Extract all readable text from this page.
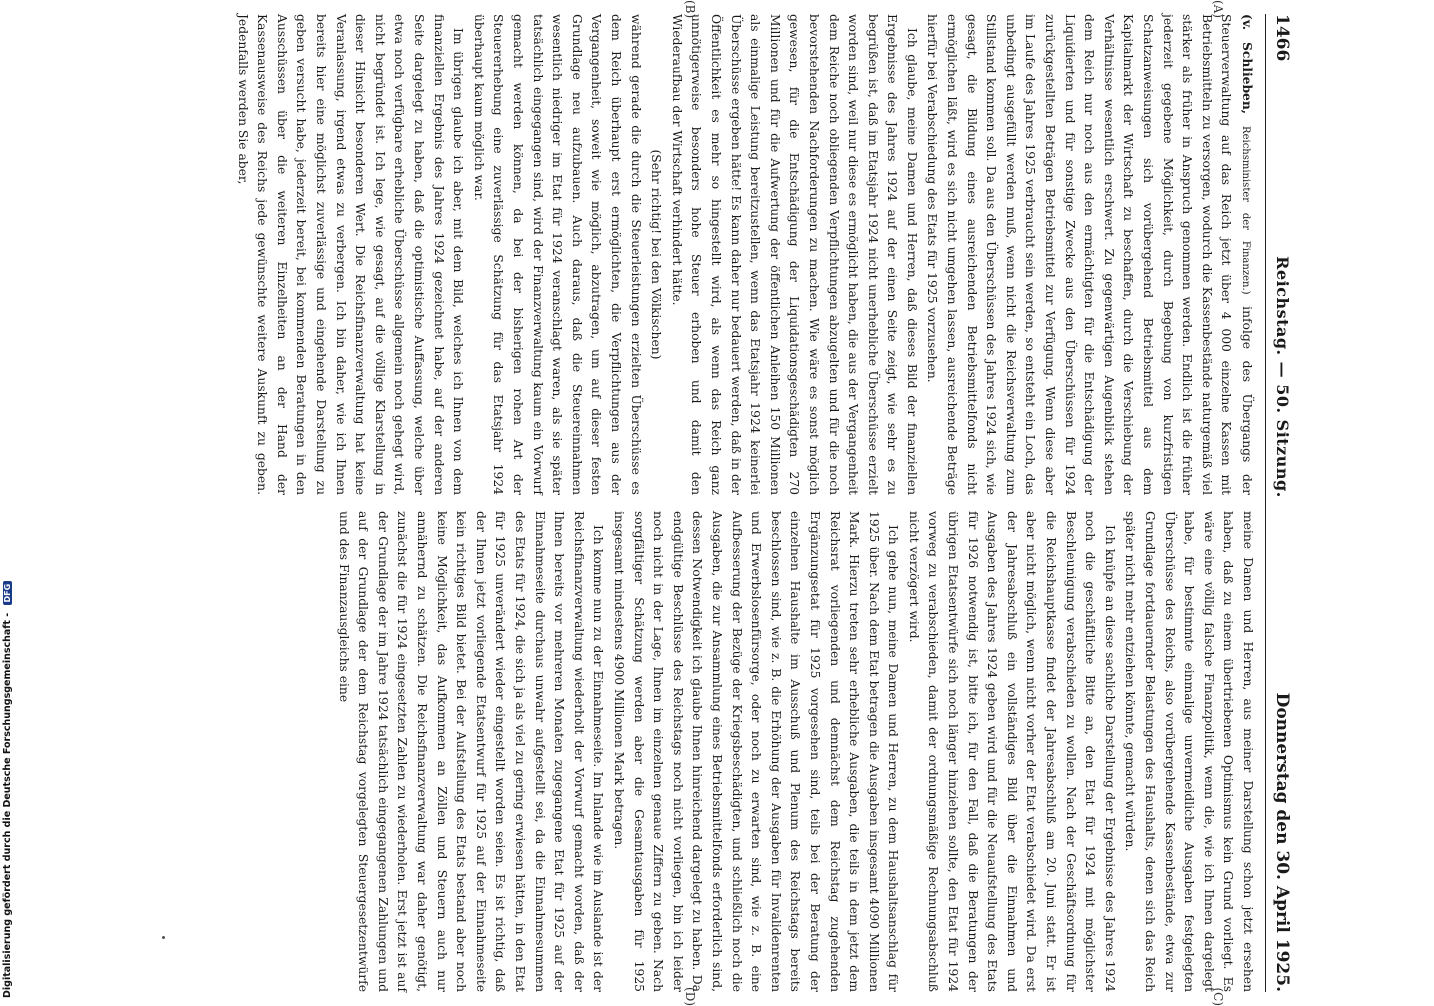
1466
Reichstag. — 50. Sitzung.
Donnerstag den 30. April 1925.

(v. Schlieben, Reichsminister der Finanzen.) infolge des Übergangs der Steuerverwaltung auf das Reich jetzt über 4 000 einzelne Kassen mit Betriebsmitteln zu versorgen, wodurch die Kassenbestände naturgemäß viel stärker als früher in Anspruch genommen werden. Endlich ist die früher jederzeit gegebene Möglichkeit, durch Begebung von kurzfristigen Schatzanweisungen sich vorübergehend Betriebsmittel aus dem Kapitalmarkt der Wirtschaft zu beschaffen, durch die Verschiebung der Verhältnisse wesentlich erschwert. Zu gegenwärtigen Augenblick stehen dem Reich nur noch aus den ermächtigten für die Entschädigung der Liquidierten und für sonstige Zwecke aus den Überschüssen für 1924 zurückgestellten Beträgen Betriebsmittel zur Verfügung. Wenn diese aber im Laufe des Jahres 1925 verbraucht sein werden, so entsteht ein Loch, das unbedingt ausgefüllt werden muß, wenn nicht die Reichsverwaltung zum Stillstand kommen soll. Da aus den Überschüssen des Jahres 1924 sich, wie gesagt, die Bildung eines ausreichenden Betriebsmittelfonds nicht ermöglichen läßt, wird es sich nicht umgehen lassen, ausreichende Beträge hierfür bei Verabschiedung des Etats für 1925 vorzusehen.

Ich glaube, meine Damen und Herren, daß dieses Bild der finanziellen Ergebnisse des Jahres 1924 auf der einen Seite zeigt, wie sehr es zu begrüßen ist, daß im Etatsjahr 1924 nicht unerhebliche Überschüsse erzielt worden sind, weil nur diese es ermöglicht haben, die aus der Vergangenheit dem Reiche noch obliegenden Verpflichtungen abzugelten und für die noch bevorstehenden Nachforderungen zu machen. Wie wäre es sonst möglich gewesen, für die Entschädigung der Liquidationsgeschädigten 270 Millionen und für die Aufwertung der öffentlichen Anleihen 150 Millionen als einmalige Leistung bereitzustellen, wenn das Etatsjahr 1924 keinerlei Überschüsse ergeben hätte! Es kann daher nur bedauert werden, daß in der Öffentlichkeit es mehr so hingestellt wird, als wenn das Reich ganz unnötigerweise besonders hohe Steuer erhoben und damit den Wiederaufbau der Wirtschaft verhindert hätte.

(Sehr richtig! bei den Völkischen)

während gerade die durch die Steuerleistungen erzielten Überschüsse es dem Reich überhaupt erst ermöglichten, die Verpflichtungen aus der Vergangenheit, soweit wie möglich, abzutragen, um auf dieser festen Grundlage neu aufzubauen. Auch daraus, daß die Steuereinnahmen wesentlich niedriger im Etat für 1924 veranschlagt waren, als sie später tatsächlich eingegangen sind, wird der Finanzverwaltung kaum ein Vorwurf gemacht werden können, da bei der bisherigen rohen Art der Steuererhebung eine zuverlässige Schätzung für das Etatsjahr 1924 überhaupt kaum möglich war.

Im übrigen glaube ich aber, mit dem Bild, welches ich Ihnen von dem finanziellen Ergebnis des Jahres 1924 gezeichnet habe, auf der anderen Seite dargelegt zu haben, daß die optimistische Auffassung, welche über etwa noch verfügbare erhebliche Überschüsse allgemein noch gehegt wird, nicht begründet ist. Ich lege, wie gesagt, auf die völlige Klarstellung in dieser Hinsicht besonderen Wert. Die Reichsfinanzverwaltung hat keine Veranlassung, irgend etwas zu verbergen. Ich bin daher, wie ich Ihnen bereits hier eine möglichst zuverlässige und eingehende Darstellung zu geben versucht habe, jederzeit bereit, bei kommenden Beratungen in den Ausschüssen über die weiteren Einzelheiten an der Hand der Kassenausweise des Reichs jede gewünschte weitere Auskunft zu geben. Jedenfalls werden Sie aber,

meine Damen und Herren, aus meiner Darstellung schon jetzt ersehen haben, daß zu einem übertriebenen Optimismus kein Grund vorliegt. Es wäre eine völlig falsche Finanzpolitik, wenn die, wie ich Ihnen dargelegt habe, für bestimmte einmalige unvermeidliche Ausgaben festgelegten Überschüsse des Reichs, also vorübergehende Kassenbestände, etwa zur Grundlage fortdauernder Belastungen des Haushalts, denen sich das Reich später nicht mehr entziehen könnte, gemacht würden.

Ich knüpfe an diese sachliche Darstellung der Ergebnisse des Jahres 1924 noch die geschäftliche Bitte an, den Etat für 1924 mit möglichster Beschleunigung verabschieden zu wollen. Nach der Geschäftsordnung für die Reichshauptkasse findet der Jahresabschluß am 20. Juni statt. Er ist aber nicht möglich, wenn nicht vorher der Etat verabschiedet wird. Da erst der Jahresabschluß ein vollständiges Bild über die Einnahmen und Ausgaben des Jahres 1924 geben wird und für die Neuaufstellung des Etats für 1926 notwendig ist, bitte ich, für den Fall, daß die Beratungen der übrigen Etatsentwürfe sich noch länger hinziehen sollte, den Etat für 1924 vorweg zu verabschieden, damit der ordnungsmäßige Rechnungsabschluß nicht verzögert wird.

Ich gehe nun, meine Damen und Herren, zu dem Haushaltsanschlag für 1925 über. Nach dem Etat betragen die Ausgaben insgesamt 4090 Millionen Mark. Hierzu treten sehr erhebliche Ausgaben, die teils in dem jetzt dem Reichsrat vorliegenden und demnächst dem Reichstag zugehenden Ergänzungsetat für 1925 vorgesehen sind, teils bei der Beratung der einzelnen Haushalte im Ausschuß und Plenum des Reichstags bereits beschlossen sind, wie z. B. die Erhöhung der Ausgaben für Invalidenrenten und Erwerbslosenfürsorge, oder noch zu erwarten sind, wie z. B. eine Aufbesserung der Bezüge der Kriegsbeschädigten, und schließlich noch die Ausgaben, die zur Ansammlung eines Betriebsmittelfonds erforderlich sind, dessen Notwendigkeit ich glaube Ihnen hinreichend dargelegt zu haben. Da endgültige Beschlüsse des Reichstags noch nicht vorliegen, bin ich leider noch nicht in der Lage, Ihnen im einzelnen genaue Ziffern zu geben. Nach sorgfältiger Schätzung werden aber die Gesamtausgaben für 1925 insgesamt mindestens 4900 Millionen Mark betragen.

Ich komme nun zu der Einnahmeseite. Im Inlande wie im Auslande ist der Reichsfinanzverwaltung wiederholt der Vorwurf gemacht worden, daß der Ihnen bereits vor mehreren Monaten zugegangene Etat für 1925 auf der Einnahmeseite durchaus unwahr aufgestellt sei, da die Einnahmesummen des Etats für 1924, die sich ja als viel zu gering erwiesen hätten, in den Etat für 1925 unverändert wieder eingestellt worden seien. Es ist richtig, daß der Ihnen jetzt vorliegende Etatsentwurf für 1925 auf der Einnahmeseite kein richtiges Bild bietet. Bei der Aufstellung des Etats bestand aber noch keine Möglichkeit, das Aufkommen an Zöllen und Steuern auch nur annähernd zu schätzen. Die Reichsfinanzverwaltung war daher genötigt, zunächst die für 1924 eingesetzten Zahlen zu wiederholen. Erst jetzt ist auf der Grundlage der im Jahre 1924 tatsächlich eingegangenen Zahlungen und auf der Grundlage der dem Reichstag vorgelegten Steuergesetzentwürfe und des Finanzausgleichs eine

(A)
(B)
(C)
(D)
Digitalisierung gefördert durch die Deutsche Forschungsgemeinschaft - DFG
